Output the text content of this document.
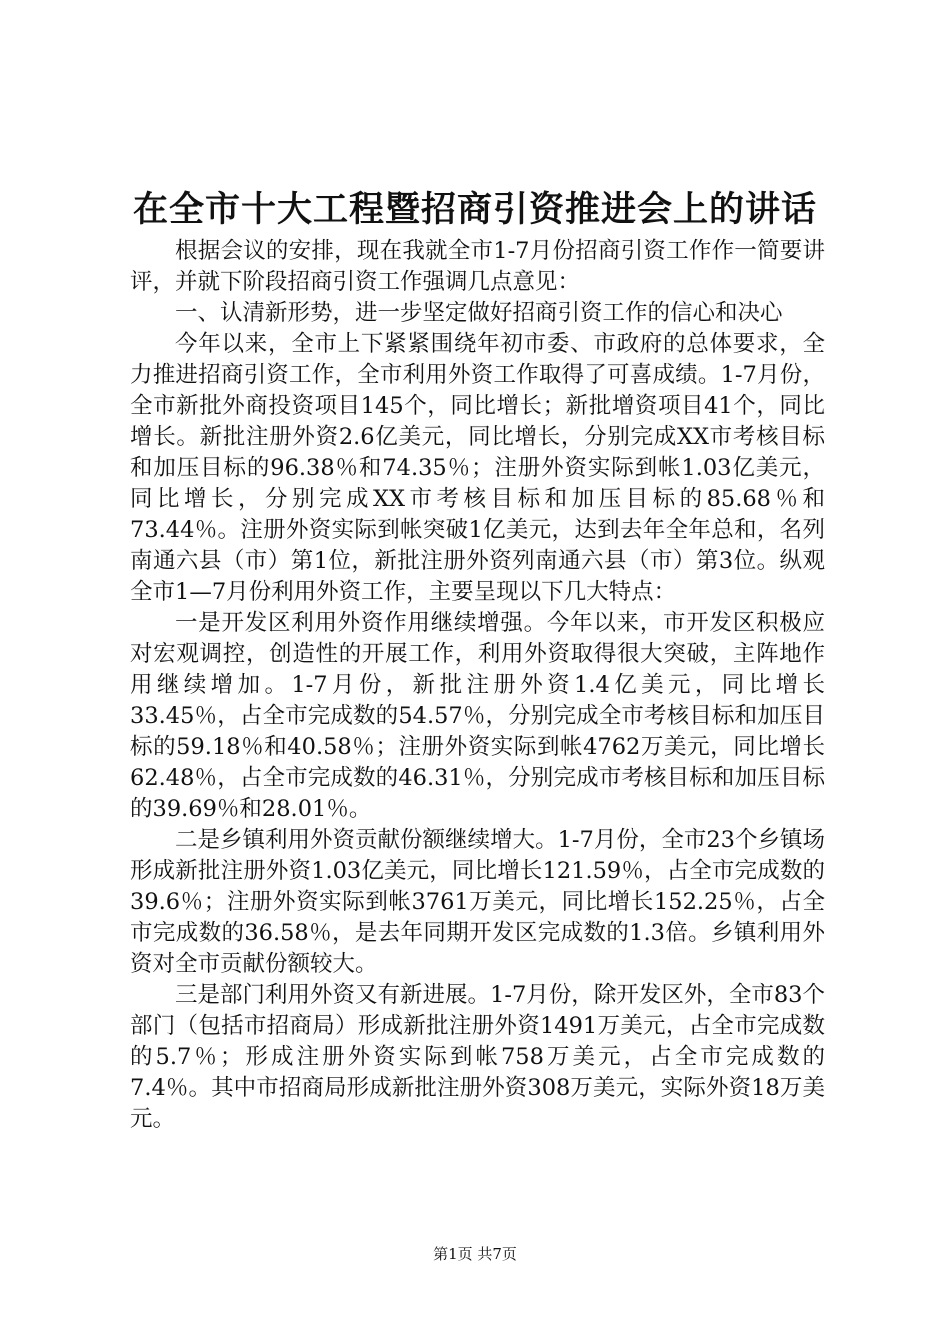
在全市十大工程暨招商引资推进会上的讲话

根据会议的安排，现在我就全市1-7月份招商引资工作作一简要讲评，并就下阶段招商引资工作强调几点意见：

一、认清新形势，进一步坚定做好招商引资工作的信心和决心

今年以来，全市上下紧紧围绕年初市委、市政府的总体要求，全力推进招商引资工作，全市利用外资工作取得了可喜成绩。1-7月份，全市新批外商投资项目145个，同比增长；新批增资项目41个，同比增长。新批注册外资2.6亿美元，同比增长，分别完成XX市考核目标和加压目标的96.38％和74.35％；注册外资实际到帐1.03亿美元，同比增长，分别完成XX市考核目标和加压目标的85.68％和73.44％。注册外资实际到帐突破1亿美元，达到去年全年总和，名列南通六县（市）第1位，新批注册外资列南通六县（市）第3位。纵观全市1—7月份利用外资工作，主要呈现以下几大特点：

一是开发区利用外资作用继续增强。今年以来，市开发区积极应对宏观调控，创造性的开展工作，利用外资取得很大突破，主阵地作用继续增加。1-7月份，新批注册外资1.4亿美元，同比增长33.45％，占全市完成数的54.57％，分别完成全市考核目标和加压目标的59.18％和40.58％；注册外资实际到帐4762万美元，同比增长62.48％，占全市完成数的46.31％，分别完成市考核目标和加压目标的39.69％和28.01％。

二是乡镇利用外资贡献份额继续增大。1-7月份，全市23个乡镇场形成新批注册外资1.03亿美元，同比增长121.59％，占全市完成数的39.6％；注册外资实际到帐3761万美元，同比增长152.25％，占全市完成数的36.58％，是去年同期开发区完成数的1.3倍。乡镇利用外资对全市贡献份额较大。

三是部门利用外资又有新进展。1-7月份，除开发区外，全市83个部门（包括市招商局）形成新批注册外资1491万美元，占全市完成数的5.7％；形成注册外资实际到帐758万美元，占全市完成数的7.4％。其中市招商局形成新批注册外资308万美元，实际外资18万美元。

第1页 共7页
